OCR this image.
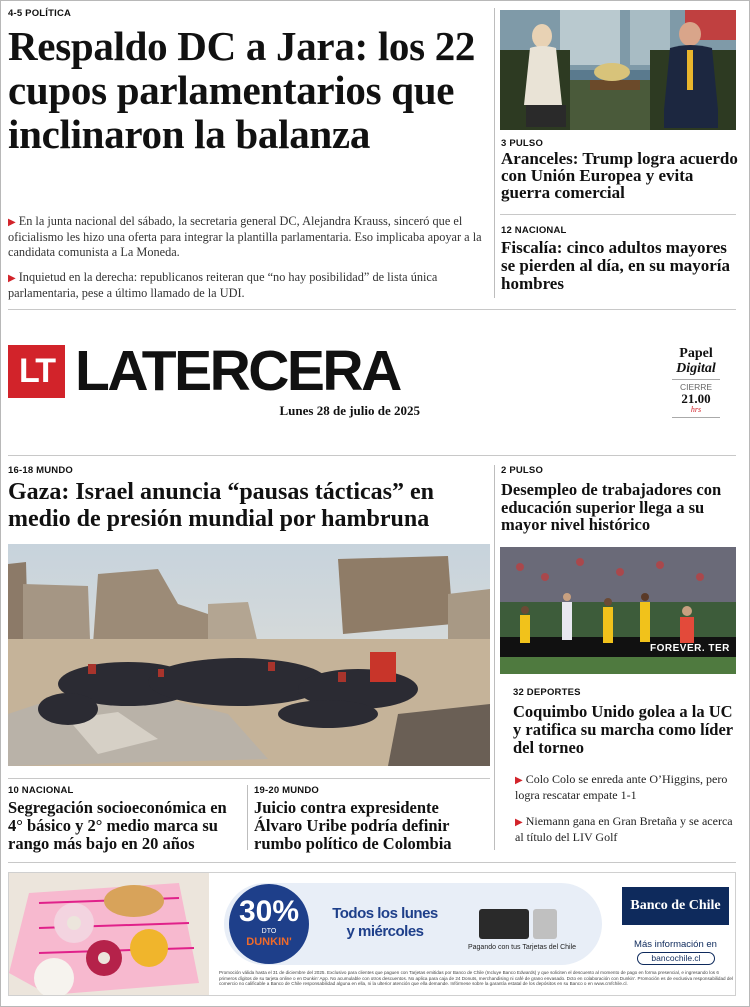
4-5 POLÍTICA
Respaldo DC a Jara: los 22 cupos parlamentarios que inclinaron la balanza

▶ En la junta nacional del sábado, la secretaria general DC, Alejandra Krauss, sinceró que el oficialismo les hizo una oferta para integrar la plantilla parlamentaria. Eso implicaba apoyar a la candidata comunista a La Moneda.

▶ Inquietud en la derecha: republicanos reiteran que “no hay posibilidad” de lista única parlamentaria, pese a último llamado de la UDI.

3 PULSO
Aranceles: Trump logra acuerdo con Unión Europea y evita guerra comercial
12 NACIONAL
Fiscalía: cinco adultos mayores se pierden al día, en su mayoría hombres
LT LATERCERA
Lunes 28 de julio de 2025
Papel
Digital
CIERRE
21.00
hrs
16-18 MUNDO
Gaza: Israel anuncia “pausas tácticas” en medio de presión mundial por hambruna
10 NACIONAL
Segregación socioeconómica en 4° básico y 2° medio marca su rango más bajo en 20 años
19-20 MUNDO
Juicio contra expresidente Álvaro Uribe podría definir rumbo político de Colombia
2 PULSO
Desempleo de trabajadores con educación superior llega a su mayor nivel histórico
FOREVER. TER
32 DEPORTES
Coquimbo Unido golea a la UC y ratifica su marcha como líder del torneo

▶ Colo Colo se enreda ante O’Higgins, pero logra rescatar empate 1-1

▶ Niemann gana en Gran Bretaña y se acerca al título del LIV Golf

30%
DTO
DUNKIN'
Todos los lunes
y miércoles
Pagando con tus Tarjetas del Chile
Banco de Chile
Más información en
bancochile.cl
Promoción válida hasta el 31 de diciembre del 2025. Exclusivo para clientes que paguen con Tarjetas emitidas por Banco de Chile (Incluye Banco Edwards) y que soliciten el descuento al momento de pago en forma presencial, e ingresando los 6 primeros dígitos de su tarjeta online o en Dunkin' App. No acumulable con otros descuentos. No aplica para caja de 24 Donuts, merchandising ni café de grano envasado. Dcto en colaboración con Dunkin'. Promoción es de exclusiva responsabilidad del comercio no calificable a Banco de Chile responsabilidad alguna en ella, ni la ulterior atención que ella demande. Infórmese sobre la garantía estatal de los depósitos en su Banco o en www.cmfchile.cl.
